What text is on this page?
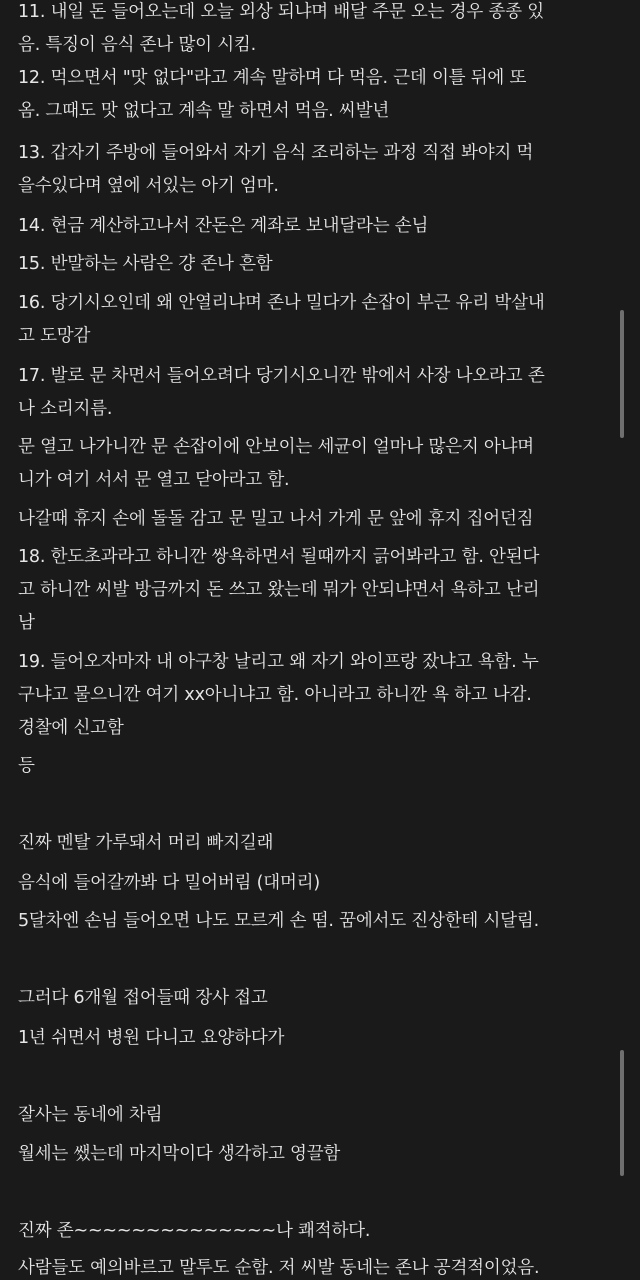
11. 내일 돈 들어오는데 오늘 외상 되냐며 배달 주문 오는 경우 종종 있
음. 특징이 음식 존나 많이 시킴.
12. 먹으면서 "맛 없다"라고 계속 말하며 다 먹음. 근데 이틀 뒤에 또
옴. 그때도 맛 없다고 계속 말 하면서 먹음. 씨발년
13. 갑자기 주방에 들어와서 자기 음식 조리하는 과정 직접 봐야지 먹
을수있다며 옆에 서있는 아기 엄마.
14. 현금 계산하고나서 잔돈은 계좌로 보내달라는 손님
15. 반말하는 사람은 걍 존나 흔함
16. 당기시오인데 왜 안열리냐며 존나 밀다가 손잡이 부근 유리 박살내
고 도망감
17. 발로 문 차면서 들어오려다 당기시오니깐 밖에서 사장 나오라고 존
나 소리지름.
문 열고 나가니깐 문 손잡이에 안보이는 세균이 얼마나 많은지 아냐며
니가 여기 서서 문 열고 닫아라고 함.
나갈때 휴지 손에 돌돌 감고 문 밀고 나서 가게 문 앞에 휴지 집어던짐
18. 한도초과라고 하니깐 쌍욕하면서 될때까지 긁어봐라고 함. 안된다
고 하니깐 씨발 방금까지 돈 쓰고 왔는데 뭐가 안되냐면서 욕하고 난리
남
19. 들어오자마자 내 아구창 날리고 왜 자기 와이프랑 잤냐고 욕함. 누
구냐고 물으니깐 여기 xx아니냐고 함. 아니라고 하니깐 욕 하고 나감.
경찰에 신고함
등
진짜 멘탈 가루돼서 머리 빠지길래
음식에 들어갈까봐 다 밀어버림 (대머리)
5달차엔 손님 들어오면 나도 모르게 손 떰. 꿈에서도 진상한테 시달림.
그러다 6개월 접어들때 장사 접고
1년 쉬면서 병원 다니고 요양하다가
잘사는 동네에 차림
월세는 쌨는데 마지막이다 생각하고 영끌함
진짜 존~~~~~~~~~~~~~~나 쾌적하다.
사람들도 예의바르고 말투도 순함. 저 씨발 동네는 존나 공격적이었음.
